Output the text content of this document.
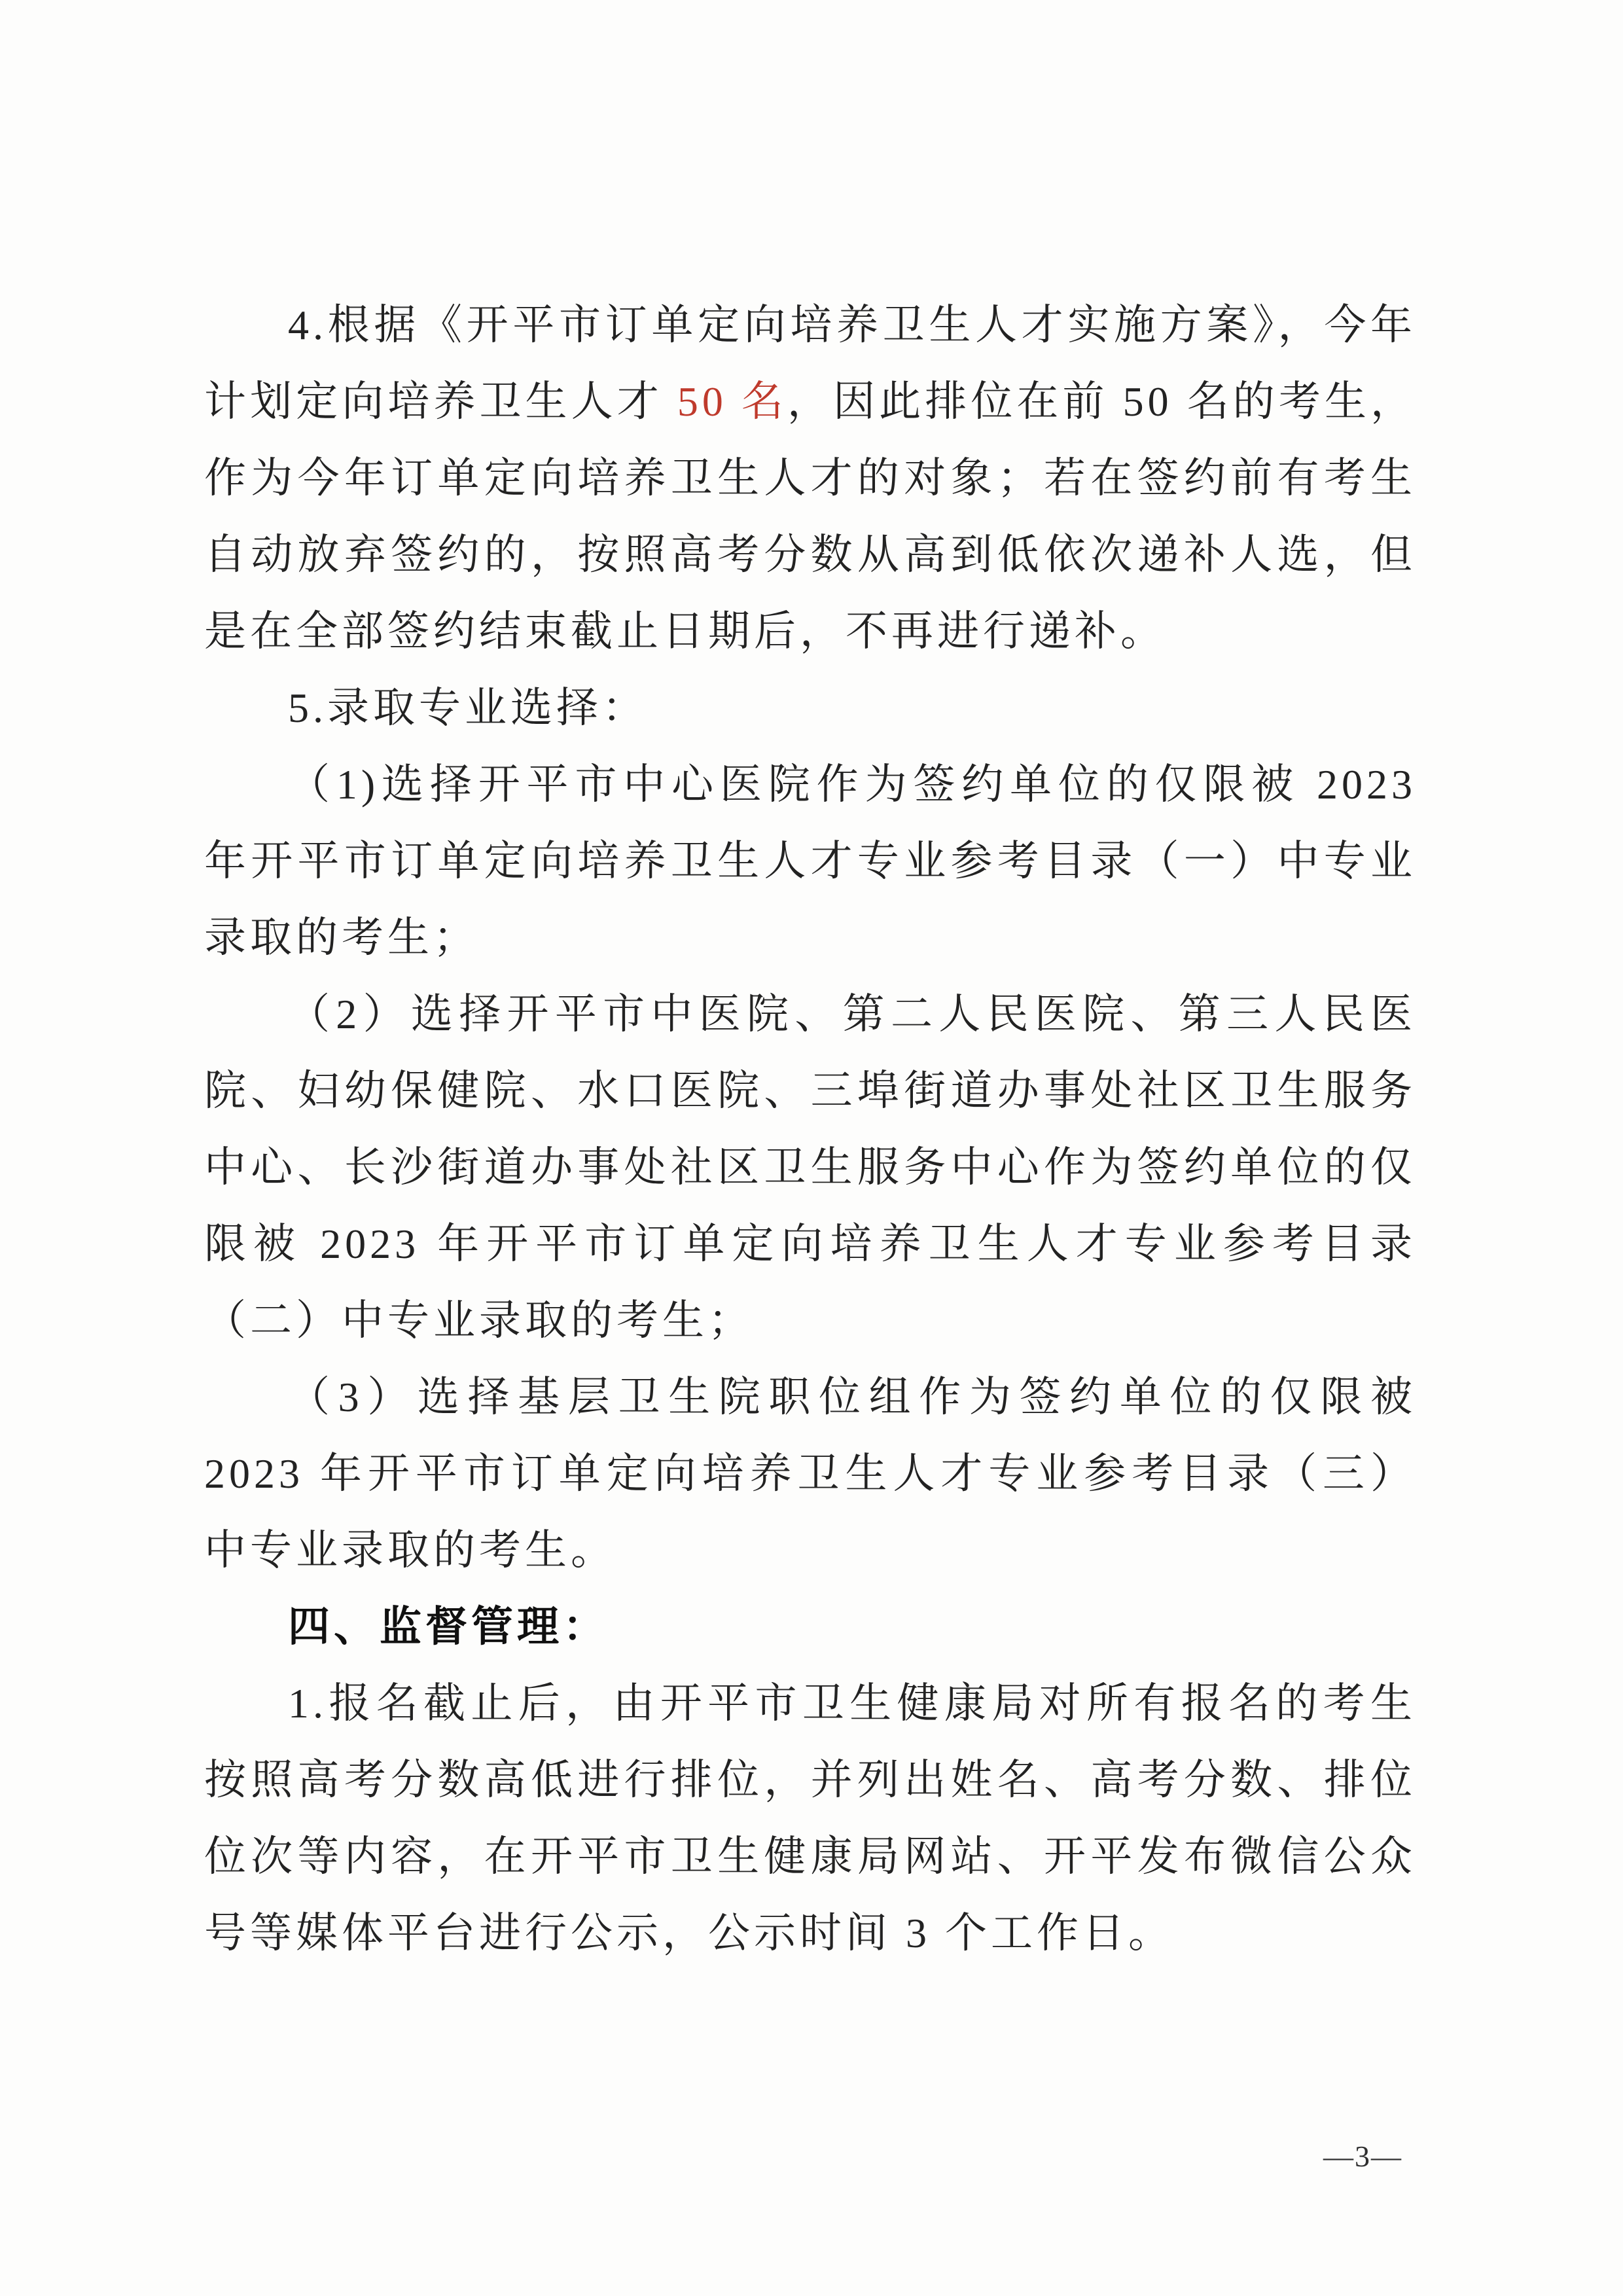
4.根据《开平市订单定向培养卫生人才实施方案》，今年计划定向培养卫生人才 50 名，因此排位在前 50 名的考生，作为今年订单定向培养卫生人才的对象；若在签约前有考生自动放弃签约的，按照高考分数从高到低依次递补人选，但是在全部签约结束截止日期后，不再进行递补。

5.录取专业选择：

（1)选择开平市中心医院作为签约单位的仅限被 2023 年开平市订单定向培养卫生人才专业参考目录（一）中专业录取的考生；

（2）选择开平市中医院、第二人民医院、第三人民医院、妇幼保健院、水口医院、三埠街道办事处社区卫生服务中心、长沙街道办事处社区卫生服务中心作为签约单位的仅限被 2023 年开平市订单定向培养卫生人才专业参考目录（二）中专业录取的考生；

（3）选择基层卫生院职位组作为签约单位的仅限被 2023 年开平市订单定向培养卫生人才专业参考目录（三）中专业录取的考生。

四、监督管理：

1.报名截止后，由开平市卫生健康局对所有报名的考生按照高考分数高低进行排位，并列出姓名、高考分数、排位位次等内容，在开平市卫生健康局网站、开平发布微信公众号等媒体平台进行公示，公示时间 3 个工作日。

—3—
